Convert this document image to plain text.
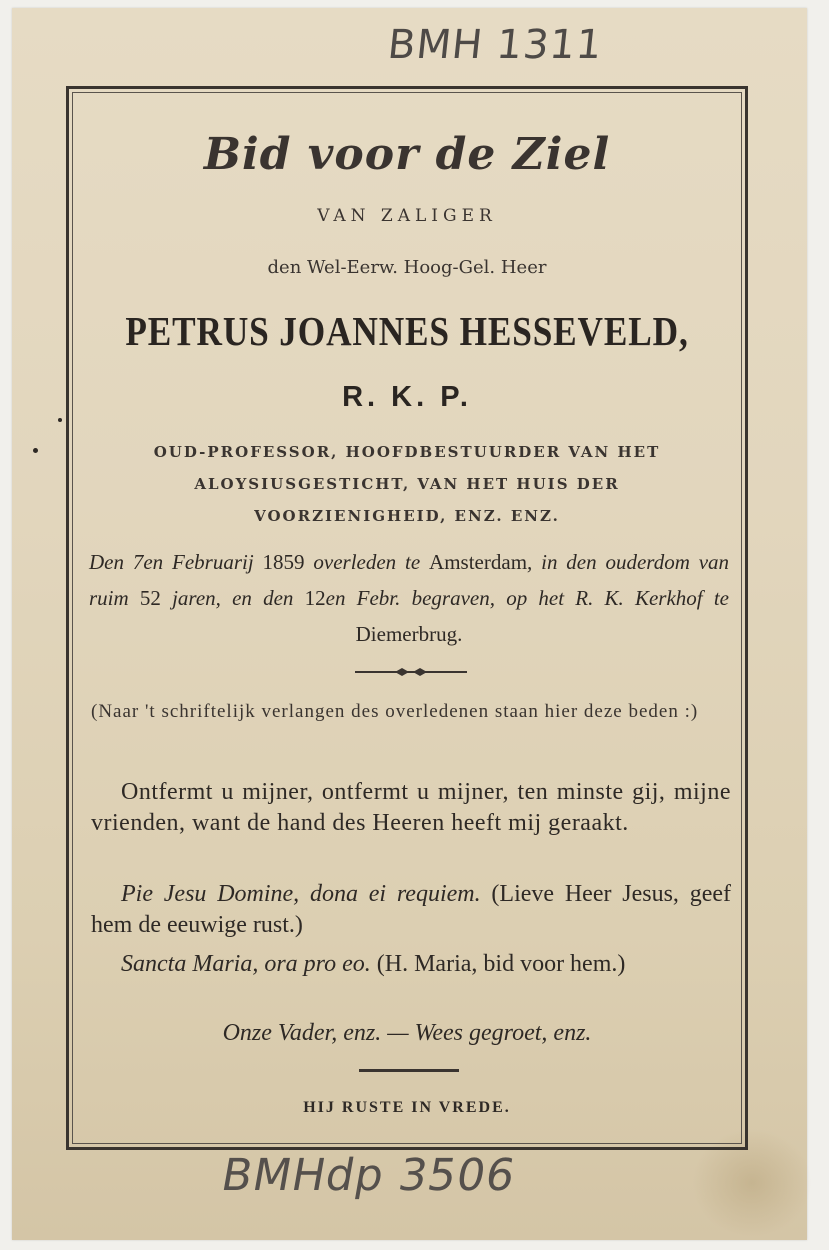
BMH 1311
Bid voor de Ziel
VAN ZALIGER
den Wel-Eerw. Hoog-Gel. Heer
PETRUS JOANNES HESSEVELD,
R. K. P.
OUD-PROFESSOR, HOOFDBESTUURDER VAN HET
ALOYSIUSGESTICHT, VAN HET HUIS DER
VOORZIENIGHEID, ENZ. ENZ.
Den 7en Februarij 1859 overleden te Amsterdam, in den ouderdom van ruim 52 jaren, en den 12en Febr. begraven, op het R. K. Kerkhof te Diemerbrug.
(Naar 't schriftelijk verlangen des overledenen staan hier deze beden :)
Ontfermt u mijner, ontfermt u mijner, ten minste gij, mijne vrienden, want de hand des Heeren heeft mij geraakt.
Pie Jesu Domine, dona ei requiem. (Lieve Heer Jesus, geef hem de eeuwige rust.)
Sancta Maria, ora pro eo. (H. Maria, bid voor hem.)
Onze Vader, enz. — Wees gegroet, enz.
HIJ RUSTE IN VREDE.
BMHdp 3506
